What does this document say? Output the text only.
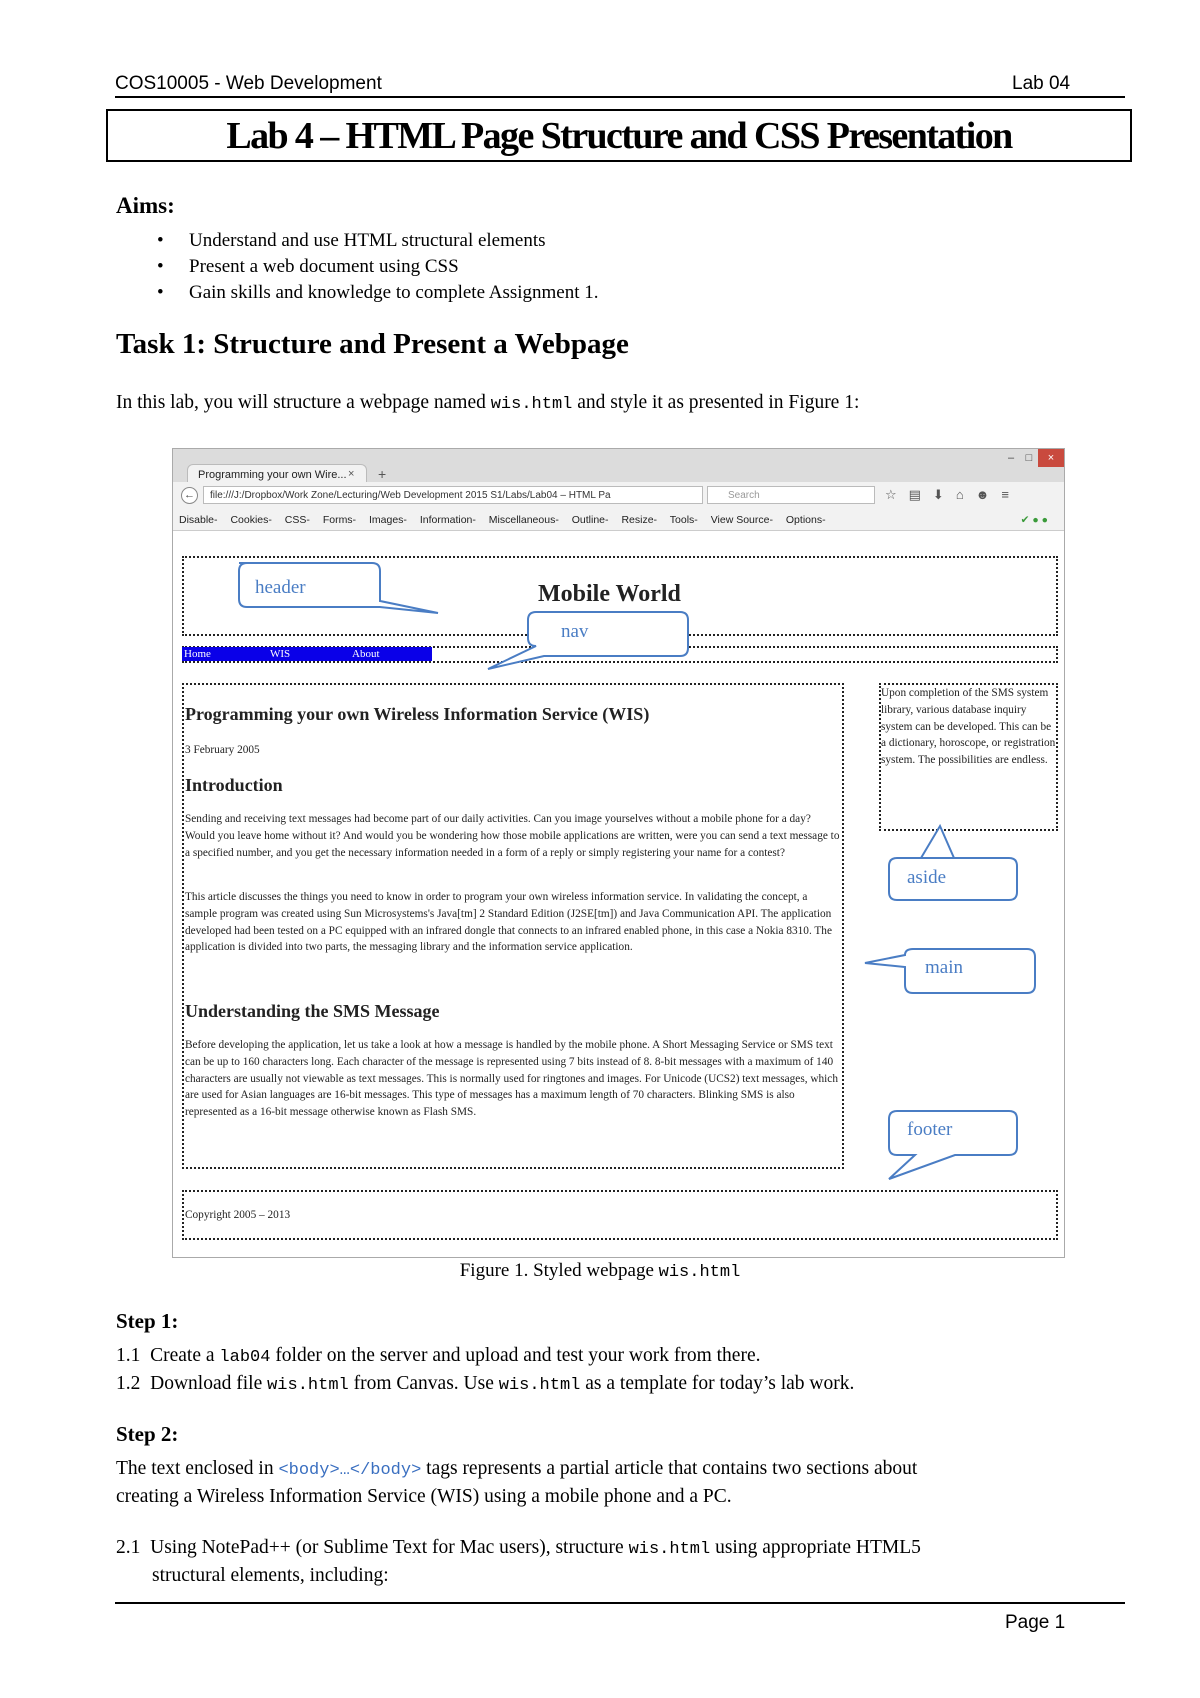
COS10005 - Web Development	Lab 04
Lab 4 – HTML Page Structure and CSS Presentation
Aims:
• Understand and use HTML structural elements
• Present a web document using CSS
• Gain skills and knowledge to complete Assignment 1.
Task 1: Structure and Present a Webpage
In this lab, you will structure a webpage named wis.html and style it as presented in Figure 1:
Programming your own Wire... × +
–	□	×
←	file:///J:/Dropbox/Work Zone/Lecturing/Web Development 2015 S1/Labs/Lab04 – HTML Pa	Search	☆▤⬇⌂☻≡
Disable- Cookies- CSS- Forms- Images- Information- Miscellaneous- Outline- Resize- Tools- View Source- Options-	✔ ● ●
Mobile World
Home	WIS	About
Programming your own Wireless Information Service (WIS)
3 February 2005
Introduction
Sending and receiving text messages had become part of our daily activities. Can you image yourselves without a mobile phone for a day? Would you leave home without it? And would you be wondering how those mobile applications are written, were you can send a text message to a specified number, and you get the necessary information needed in a form of a reply or simply registering your name for a contest?
This article discusses the things you need to know in order to program your own wireless information service. In validating the concept, a sample program was created using Sun Microsystems's Java[tm] 2 Standard Edition (J2SE[tm]) and Java Communication API. The application developed had been tested on a PC equipped with an infrared dongle that connects to an infrared enabled phone, in this case a Nokia 8310. The application is divided into two parts, the messaging library and the information service application.
Understanding the SMS Message
Before developing the application, let us take a look at how a message is handled by the mobile phone. A Short Messaging Service or SMS text can be up to 160 characters long. Each character of the message is represented using 7 bits instead of 8. 8-bit messages with a maximum of 140 characters are usually not viewable as text messages. This is normally used for ringtones and images. For Unicode (UCS2) text messages, which are used for Asian languages are 16-bit messages. This type of messages has a maximum length of 70 characters. Blinking SMS is also represented as a 16-bit message otherwise known as Flash SMS.
Upon completion of the SMS system library, various database inquiry system can be developed. This can be a dictionary, horoscope, or registration system. The possibilities are endless.
Copyright 2005 – 2013
header
nav
aside
main
footer
Figure 1. Styled webpage wis.html
Step 1:
1.1 Create a lab04 folder on the server and upload and test your work from there.
1.2 Download file wis.html from Canvas. Use wis.html as a template for today’s lab work.
Step 2:
The text enclosed in <body>…</body> tags represents a partial article that contains two sections about
creating a Wireless Information Service (WIS) using a mobile phone and a PC.
2.1 Using NotePad++ (or Sublime Text for Mac users), structure wis.html using appropriate HTML5
structural elements, including:
Page 1
